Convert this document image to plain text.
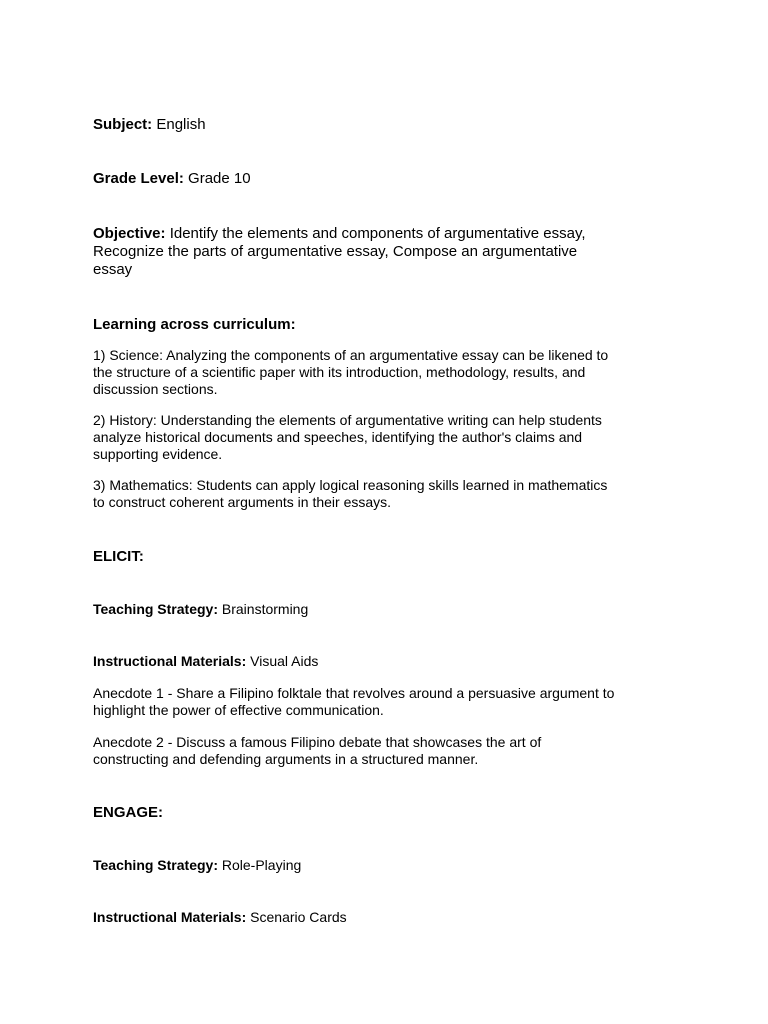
Subject: English

Grade Level: Grade 10

Objective: Identify the elements and components of argumentative essay,

Recognize the parts of argumentative essay, Compose an argumentative

essay

Learning across curriculum:

1) Science: Analyzing the components of an argumentative essay can be likened to
the structure of a scientific paper with its introduction, methodology, results, and
discussion sections.
2) History: Understanding the elements of argumentative writing can help students
analyze historical documents and speeches, identifying the author's claims and
supporting evidence.
3) Mathematics: Students can apply logical reasoning skills learned in mathematics
to construct coherent arguments in their essays.

ELICIT:

Teaching Strategy: Brainstorming

Instructional Materials: Visual Aids

Anecdote 1 - Share a Filipino folktale that revolves around a persuasive argument to
highlight the power of effective communication.
Anecdote 2 - Discuss a famous Filipino debate that showcases the art of
constructing and defending arguments in a structured manner.

ENGAGE:

Teaching Strategy: Role-Playing

Instructional Materials: Scenario Cards
